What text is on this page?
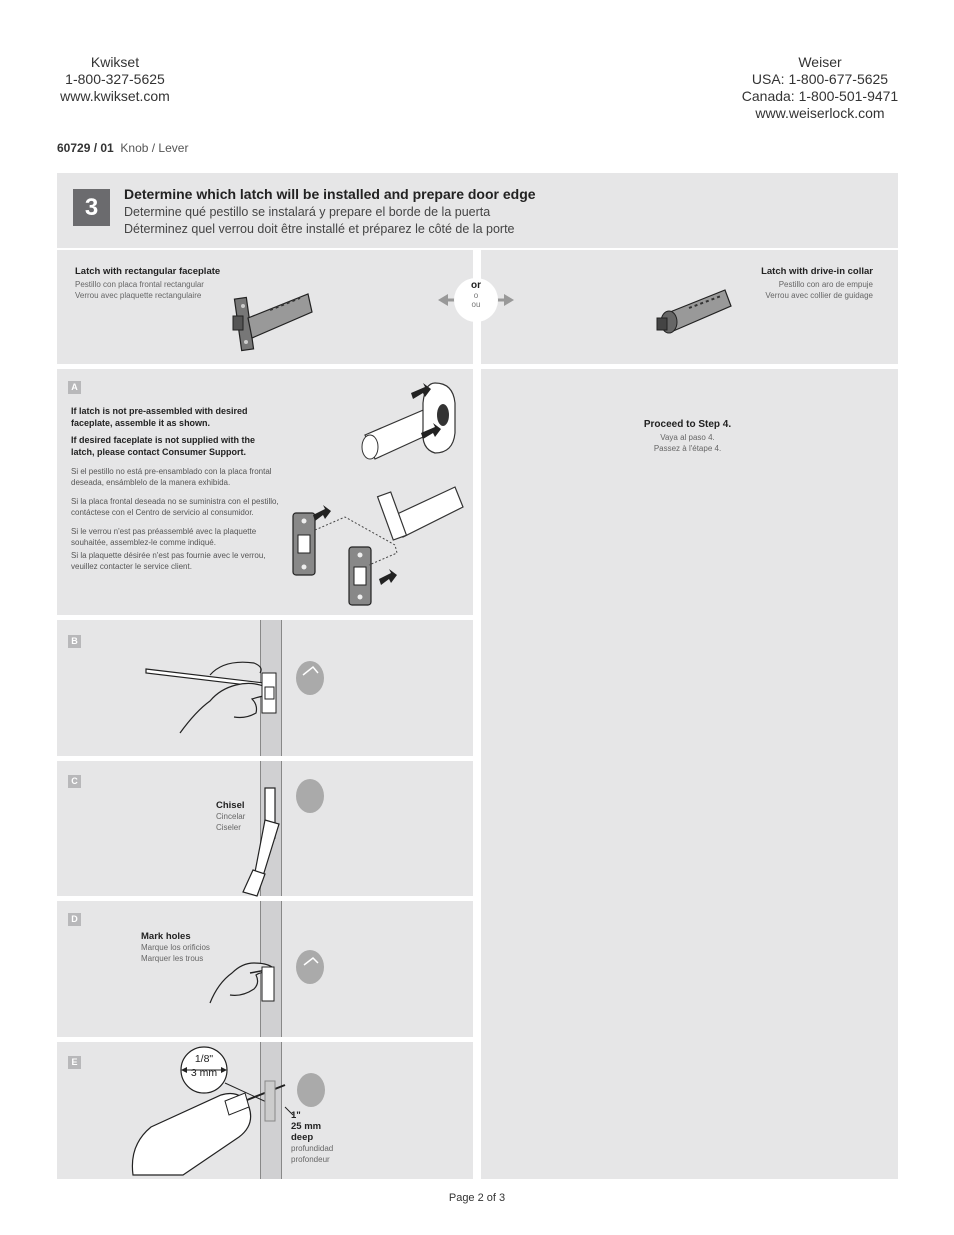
Kwikset
1-800-327-5625
www.kwikset.com
Weiser
USA: 1-800-677-5625
Canada: 1-800-501-9471
www.weiserlock.com
60729 / 01 Knob / Lever
3	Determine which latch will be installed and prepare door edge
Determine qué pestillo se instalará y prepare el borde de la puerta
Déterminez quel verrou doit être installé et préparez le côté de la porte
Latch with rectangular faceplate
Pestillo con placa frontal rectangular
Verrou avec plaquette rectangulaire
Latch with drive-in collar
Pestillo con aro de empuje
Verrou avec collier de guidage
or
o
ou
A
If latch is not pre-assembled with desired faceplate, assemble it as shown.
If desired faceplate is not supplied with the latch, please contact Consumer Support.
Si el pestillo no está pre-ensamblado con la placa frontal deseada, ensámblelo de la manera exhibida.
Si la placa frontal deseada no se suministra con el pestillo, contáctese con el Centro de servicio al consumidor.
Si le verrou n'est pas préassemblé avec la plaquette souhaitée, assemblez-le comme indiqué.
Si la plaquette désirée n'est pas fournie avec le verrou, veuillez contacter le service client.
Proceed to Step 4.
Vaya al paso 4.
Passez à l'étape 4.
B
C
Chisel
Cincelar
Ciseler
D
Mark holes
Marque los orificios
Marquer les trous
E	1/8"
3 mm
1"
25 mm
deep
profundidad
profondeur
Page 2 of 3
